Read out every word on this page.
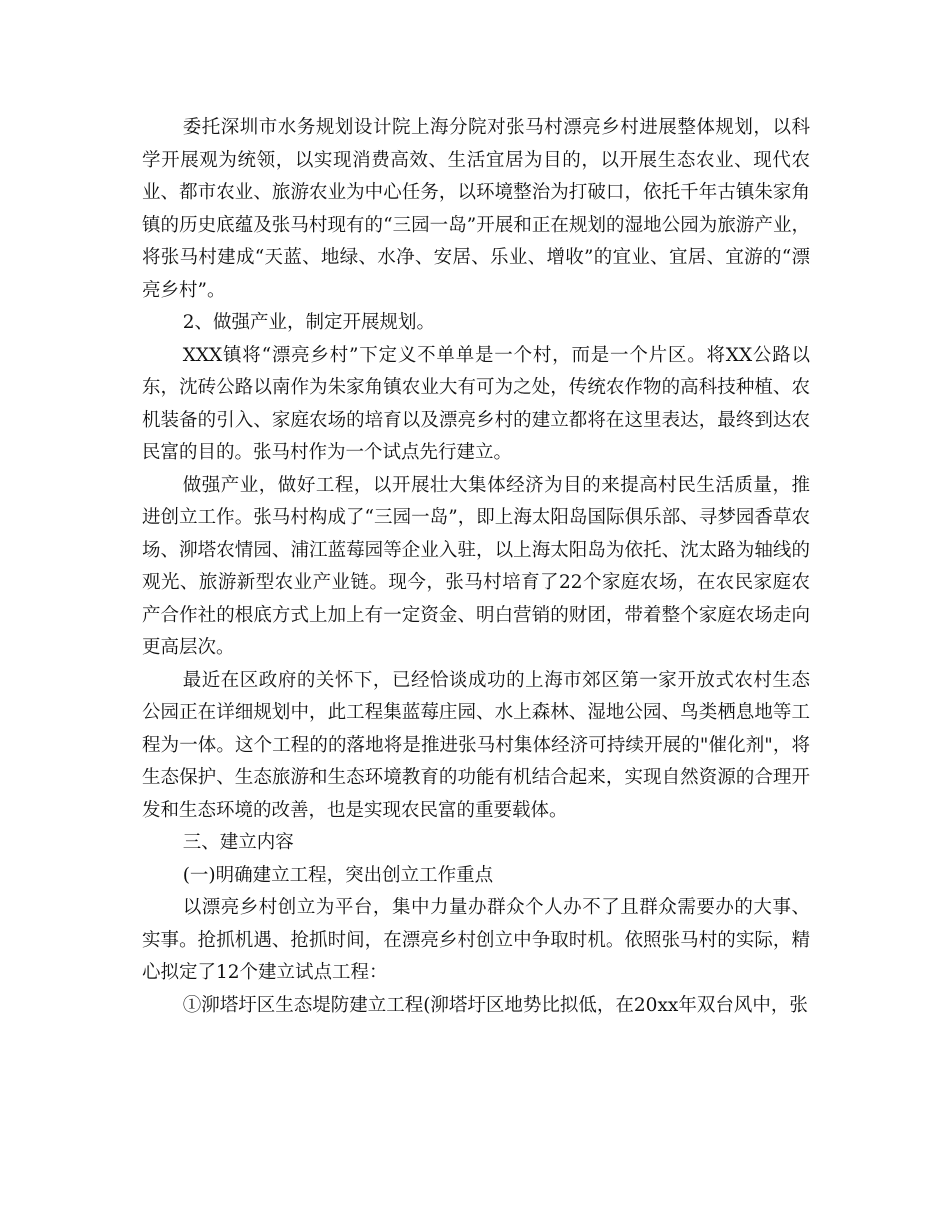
委托深圳市水务规划设计院上海分院对张马村漂亮乡村进展整体规划，以科学开展观为统领，以实现消费高效、生活宜居为目的，以开展生态农业、现代农业、都市农业、旅游农业为中心任务，以环境整治为打破口，依托千年古镇朱家角镇的历史底蕴及张马村现有的“三园一岛”开展和正在规划的湿地公园为旅游产业，将张马村建成“天蓝、地绿、水净、安居、乐业、增收”的宜业、宜居、宜游的“漂亮乡村”。

2、做强产业，制定开展规划。

XXX镇将“漂亮乡村”下定义不单单是一个村，而是一个片区。将XX公路以东，沈砖公路以南作为朱家角镇农业大有可为之处，传统农作物的高科技种植、农机装备的引入、家庭农场的培育以及漂亮乡村的建立都将在这里表达，最终到达农民富的目的。张马村作为一个试点先行建立。

做强产业，做好工程，以开展壮大集体经济为目的来提高村民生活质量，推进创立工作。张马村构成了“三园一岛”，即上海太阳岛国际俱乐部、寻梦园香草农场、泖塔农情园、浦江蓝莓园等企业入驻，以上海太阳岛为依托、沈太路为轴线的观光、旅游新型农业产业链。现今，张马村培育了22个家庭农场，在农民家庭农产合作社的根底方式上加上有一定资金、明白营销的财团，带着整个家庭农场走向更高层次。

最近在区政府的关怀下，已经恰谈成功的上海市郊区第一家开放式农村生态公园正在详细规划中，此工程集蓝莓庄园、水上森林、湿地公园、鸟类栖息地等工程为一体。这个工程的的落地将是推进张马村集体经济可持续开展的"催化剂"，将生态保护、生态旅游和生态环境教育的功能有机结合起来，实现自然资源的合理开发和生态环境的改善，也是实现农民富的重要载体。

三、建立内容

(一)明确建立工程，突出创立工作重点

以漂亮乡村创立为平台，集中力量办群众个人办不了且群众需要办的大事、实事。抢抓机遇、抢抓时间，在漂亮乡村创立中争取时机。依照张马村的实际，精心拟定了12个建立试点工程：

①泖塔圩区生态堤防建立工程(泖塔圩区地势比拟低，在20xx年双台风中，张
